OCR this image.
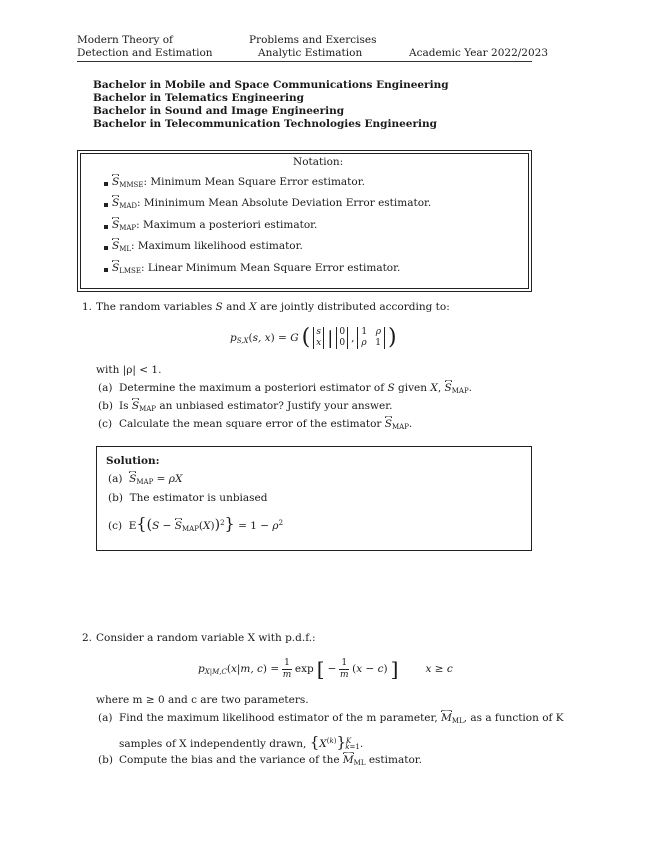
Modern Theory of
Detection and Estimation
Problems and Exercises
Analytic Estimation	Academic Year 2022/2023
Bachelor in Mobile and Space Communications Engineering
Bachelor in Telematics Engineering
Bachelor in Sound and Image Engineering
Bachelor in Telecommunication Technologies Engineering
Notation:
$S_{MMSE}$: Minimum Mean Square Error estimator.
$S_{MAD}$: Mininimum Mean Absolute Deviation Error estimator.
$S_{MAP}$: Maximum a posteriori estimator.
$S_{ML}$: Maximum likelihood estimator.
$S_{LMSE}$: Linear Minimum Mean Square Error estimator.
1. The random variables S and X are jointly distributed according to:
$p_{S,X}(s$, x) = G ( s
x | 0
0 , 1   ρ
ρ   1 )
with |ρ| < 1.
(a) Determine the maximum a posteriori estimator of S given X, $S_{MAP}$.
(b) Is $S_{MAP}$ an unbiased estimator? Justify your answer.
(c) Calculate the mean square error of the estimator $S_{MAP}$.
Solution:
(a) $S_{MAP} = \rho X$
(b) The estimator is unbiased
(c)  $E\{(S - S_{MAP}(X))^2\} = 1 - \rho^2$
2. Consider a random variable X with p.d.f.:
$p_{X|M,C}(x|m$, $c) = \frac{1}{m}$ exp [ − $\frac{1}{m} (x - c)$ ]	x ≥ c
where m ≥ 0 and c are two parameters.
(a) Find the maximum likelihood estimator of the m parameter, $M_{ML}$, as a function of K
samples of X independently drawn, $\{X^{(k)}\}^K_{k=1}$.
(b) Compute the bias and the variance of the $M_{ML}$ estimator.
